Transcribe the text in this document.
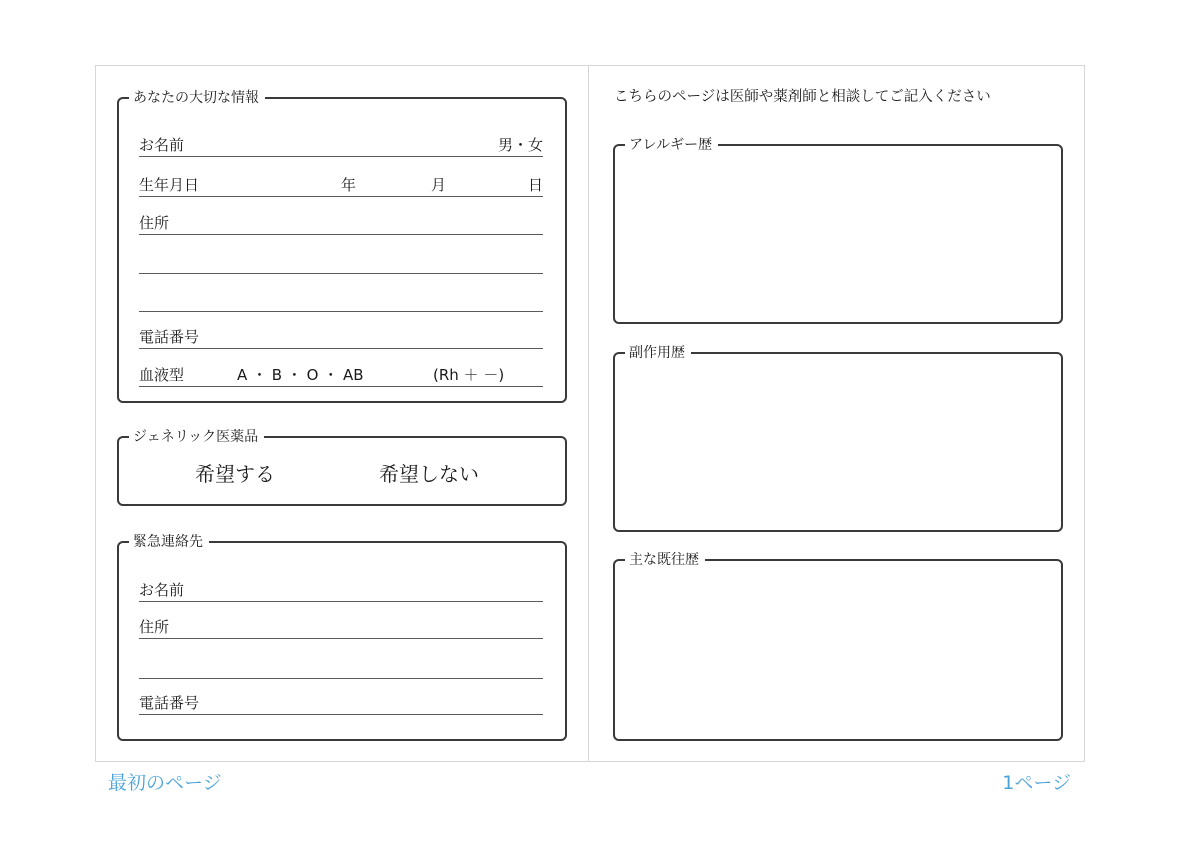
あなたの大切な情報
お名前	男・女
生年月日	年	月	日
住所
電話番号
血液型	A ・ B ・ O ・ AB	(Rh ＋ －)
ジェネリック医薬品
希望する	希望しない
緊急連絡先
お名前
住所
電話番号
こちらのページは医師や薬剤師と相談してご記入ください
アレルギー歴
副作用歴
主な既往歴
最初のページ	1ページ
